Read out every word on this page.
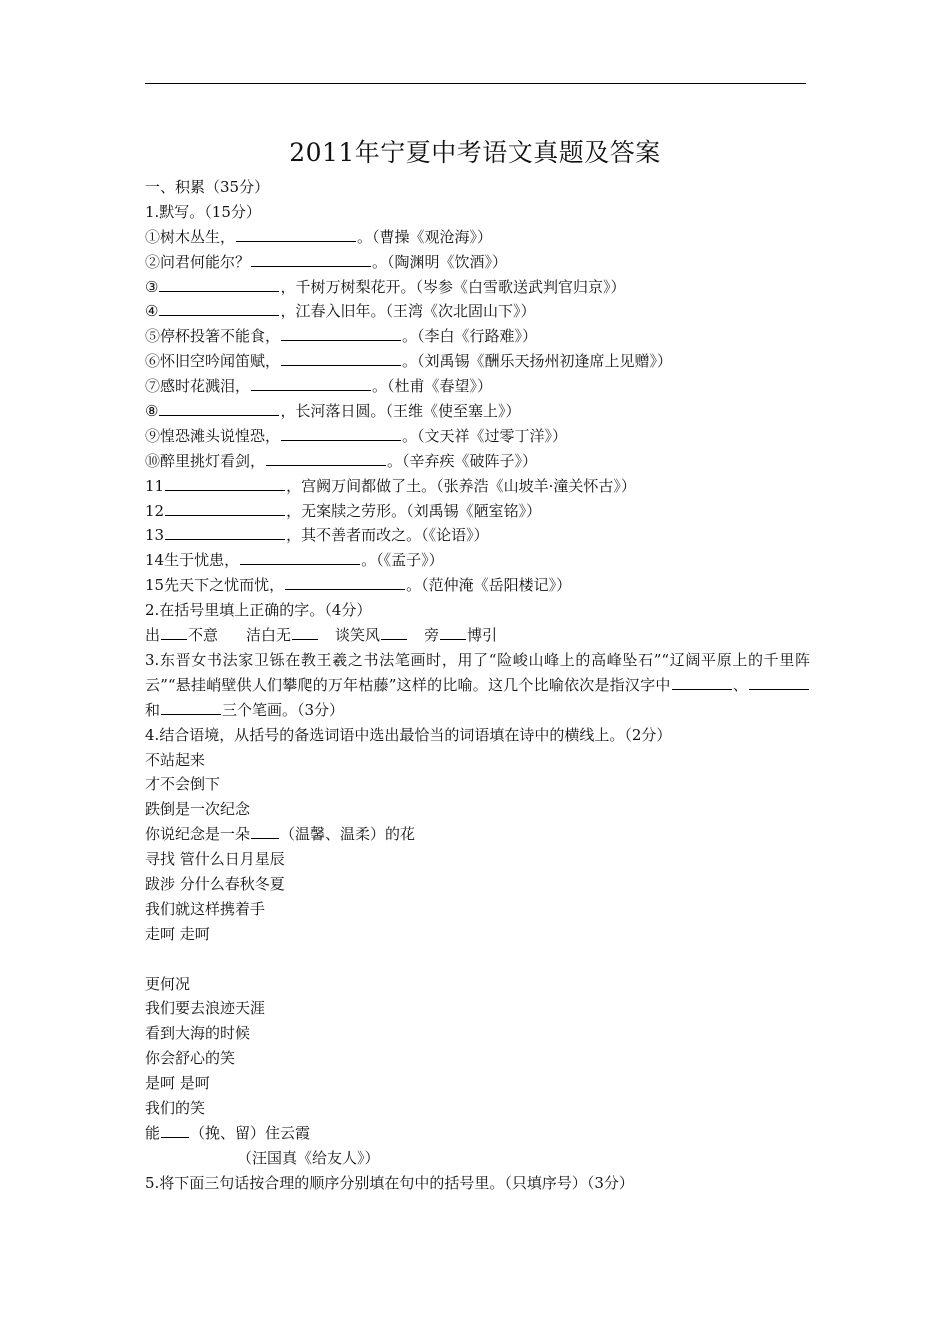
2011年宁夏中考语文真题及答案
一、积累（35分）
1.默写。（15分）
①树木丛生，	。（曹操《观沧海》）
②问君何能尔？	。（陶渊明《饮酒》）
③	，千树万树梨花开。（岑参《白雪歌送武判官归京》）
④	，江春入旧年。（王湾《次北固山下》）
⑤停杯投箸不能食，	。（李白《行路难》）
⑥怀旧空吟闻笛赋，	。（刘禹锡《酬乐天扬州初逢席上见赠》）
⑦感时花溅泪，	。（杜甫《春望》）
⑧	，长河落日圆。（王维《使至塞上》）
⑨惶恐滩头说惶恐，	。（文天祥《过零丁洋》）
⑩醉里挑灯看剑，	。（辛弃疾《破阵子》）
11	，宫阙万间都做了土。（张养浩《山坡羊·潼关怀古》）
12	，无案牍之劳形。（刘禹锡《陋室铭》）
13	，其不善者而改之。（《论语》）
14生于忧患，	。（《孟子》）
15先天下之忧而忧，	。（范仲淹《岳阳楼记》）
2.在括号里填上正确的字。（4分）
出 不意 洁白无	谈笑风	旁 博引
3.东晋女书法家卫铄在教王羲之书法笔画时，用了“险峻山峰上的高峰坠石”“辽阔平原上的千里阵云”“悬挂峭壁供人们攀爬的万年枯藤”这样的比喻。这几个比喻依次是指汉字中	、和	三个笔画。（3分）
4.结合语境，从括号的备选词语中选出最恰当的词语填在诗中的横线上。（2分）
不站起来
才不会倒下
跌倒是一次纪念
你说纪念是一朵 （温馨、温柔）的花
寻找 管什么日月星辰
跋涉 分什么春秋冬夏
我们就这样携着手
走呵 走呵
更何况
我们要去浪迹天涯
看到大海的时候
你会舒心的笑
是呵 是呵
我们的笑
能 （挽、留）住云霞
（汪国真《给友人》）
5.将下面三句话按合理的顺序分别填在句中的括号里。（只填序号）（3分）
